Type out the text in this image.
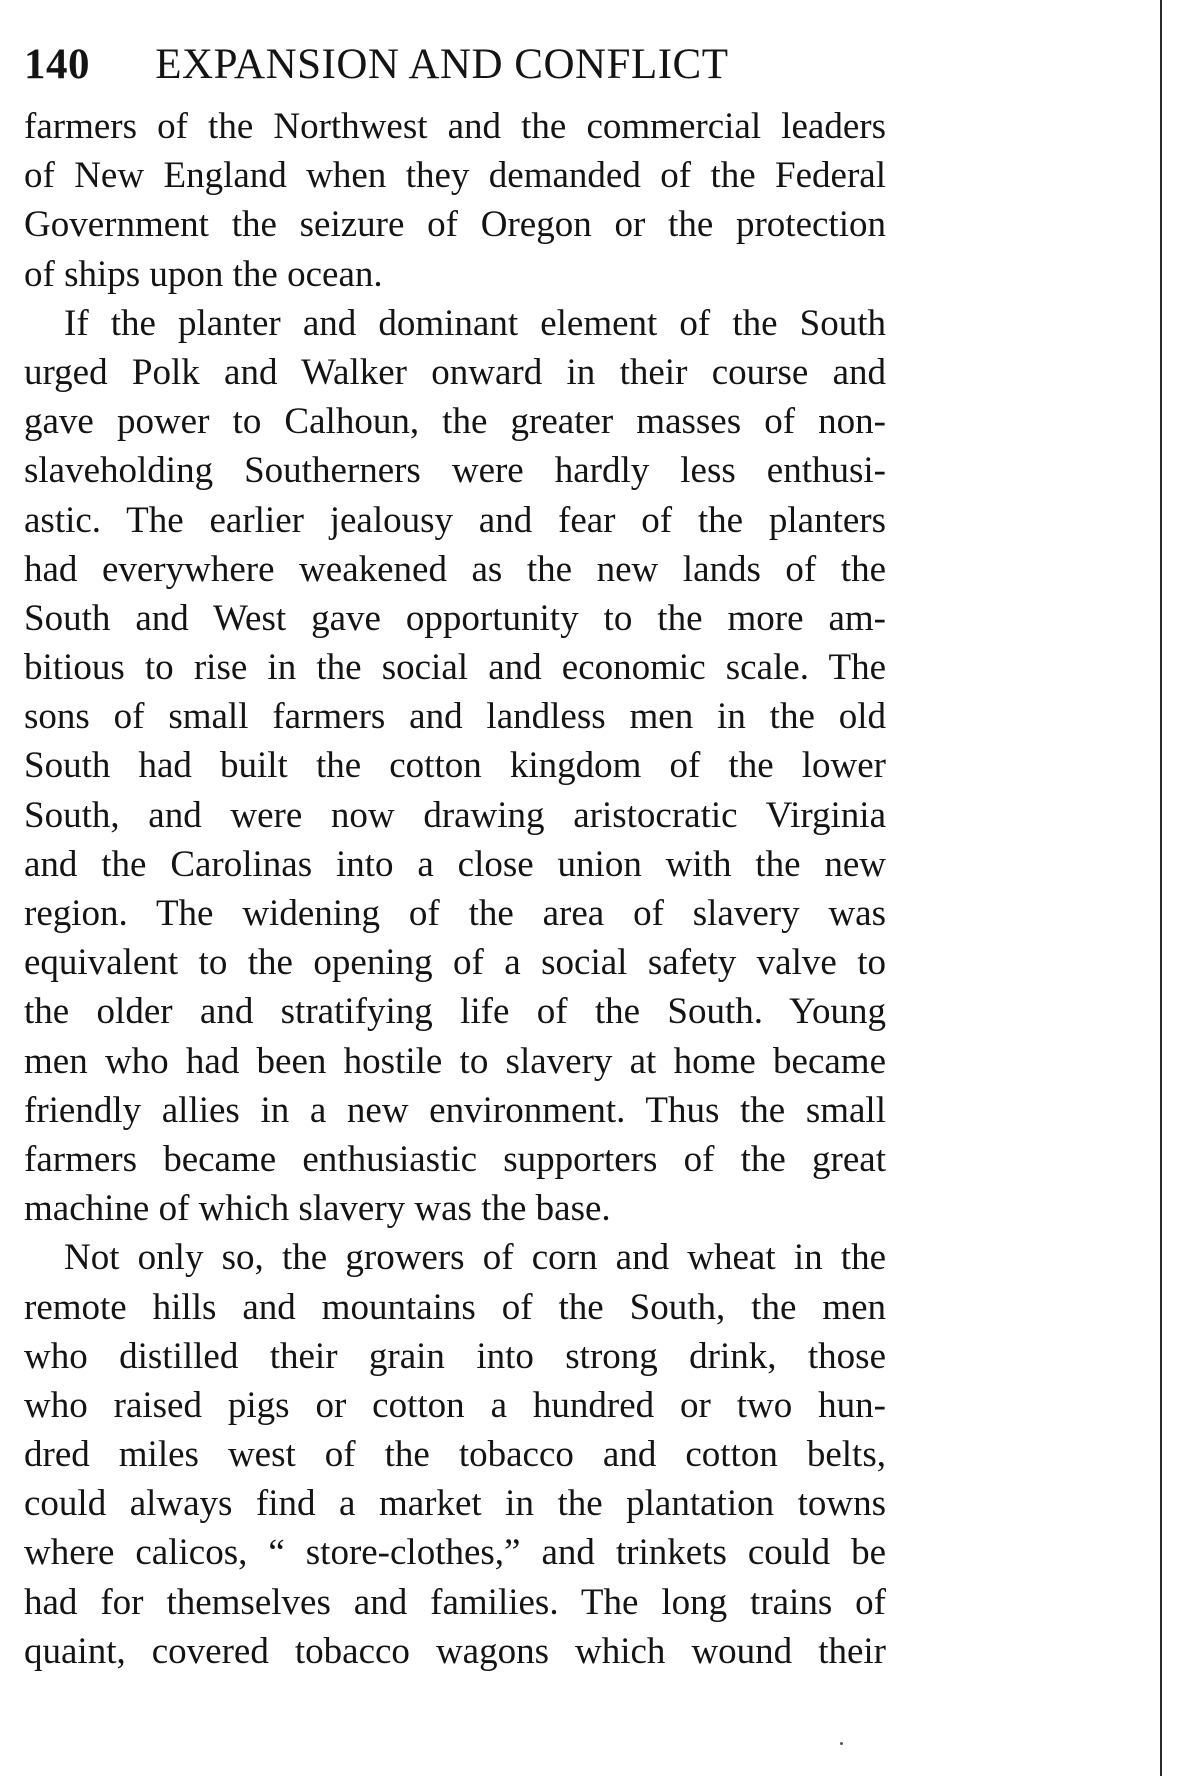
140 EXPANSION AND CONFLICT
farmers of the Northwest and the commercial leaders
of New England when they demanded of the Federal
Government the seizure of Oregon or the protection
of ships upon the ocean.
If the planter and dominant element of the South
urged Polk and Walker onward in their course and
gave power to Calhoun, the greater masses of non-
slaveholding Southerners were hardly less enthusi-
astic. The earlier jealousy and fear of the planters
had everywhere weakened as the new lands of the
South and West gave opportunity to the more am-
bitious to rise in the social and economic scale. The
sons of small farmers and landless men in the old
South had built the cotton kingdom of the lower
South, and were now drawing aristocratic Virginia
and the Carolinas into a close union with the new
region. The widening of the area of slavery was
equivalent to the opening of a social safety valve to
the older and stratifying life of the South. Young
men who had been hostile to slavery at home became
friendly allies in a new environment. Thus the small
farmers became enthusiastic supporters of the great
machine of which slavery was the base.
Not only so, the growers of corn and wheat in the
remote hills and mountains of the South, the men
who distilled their grain into strong drink, those
who raised pigs or cotton a hundred or two hun-
dred miles west of the tobacco and cotton belts,
could always find a market in the plantation towns
where calicos, “ store-clothes,” and trinkets could be
had for themselves and families. The long trains of
quaint, covered tobacco wagons which wound their
